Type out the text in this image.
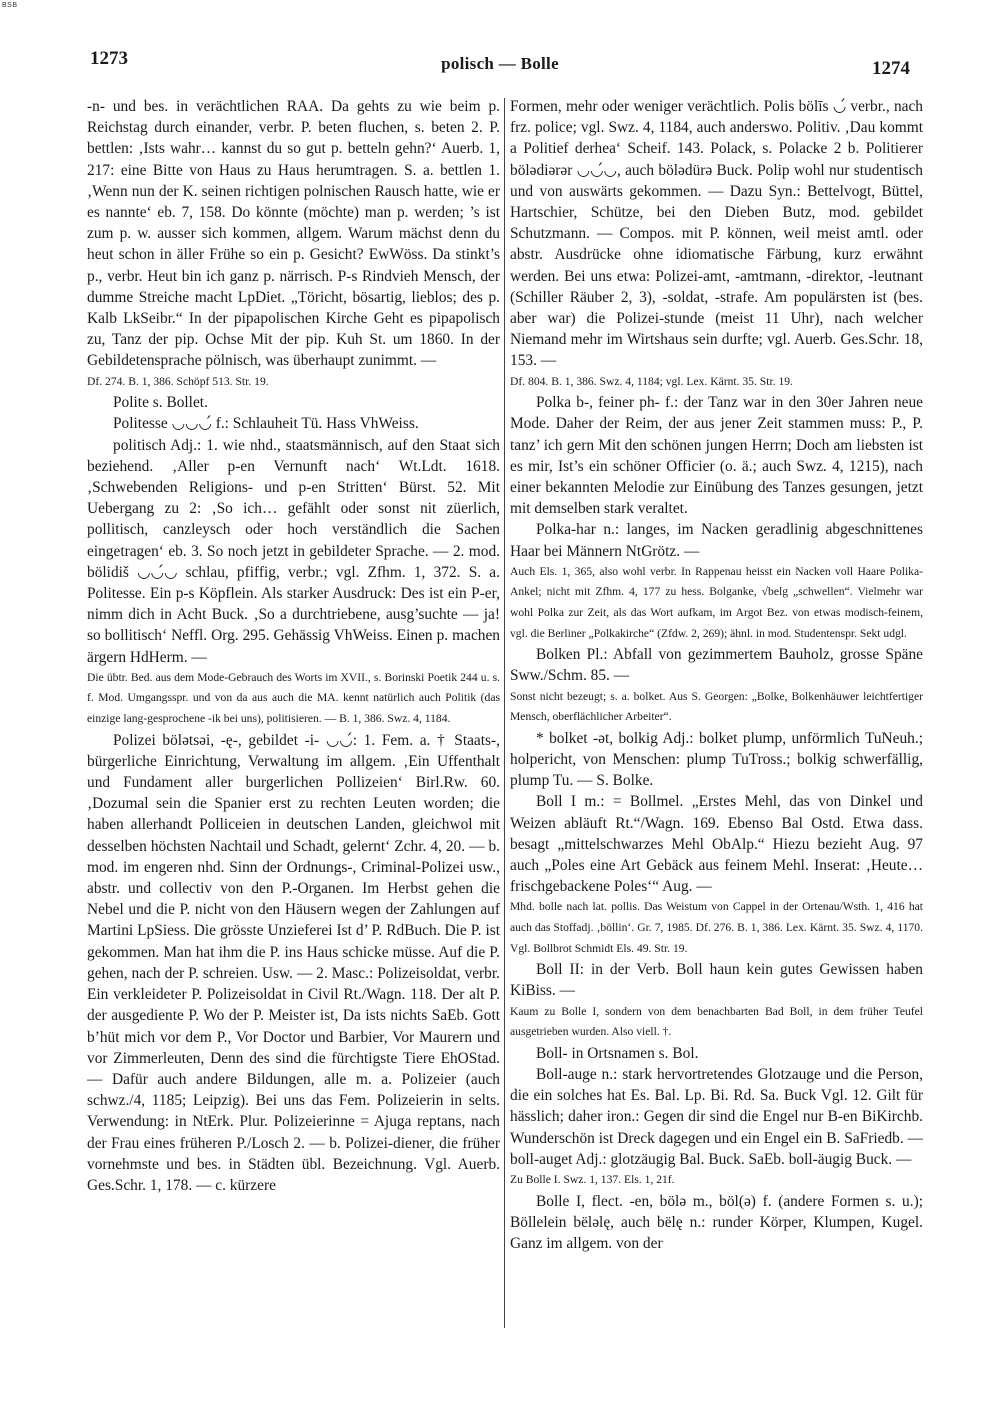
BSB
1273	polisch — Bolle	1274

-n- und bes. in verächtlichen RAA. Da gehts zu wie beim p. Reichstag durch einander, verbr. P. beten fluchen, s. beten 2. P. bettlen: ‚Ists wahr… kannst du so gut p. betteln gehn?‘ Auerb. 1, 217: eine Bitte von Haus zu Haus herumtragen. S. a. bettlen 1. ‚Wenn nun der K. seinen richtigen polnischen Rausch hatte, wie er es nannte‘ eb. 7, 158. Do könnte (möchte) man p. werden; ’s ist zum p. w. ausser sich kommen, allgem. Warum mächst denn du heut schon in äller Frühe so ein p. Gesicht? EwWöss. Da stinkt’s p., verbr. Heut bin ich ganz p. närrisch. P-s Rindvieh Mensch, der dumme Streiche macht LpDiet. „Töricht, bösartig, lieblos; des p. Kalb LkSeibr.“ In der pipapolischen Kirche Geht es pipapolisch zu, Tanz der pip. Ochse Mit der pip. Kuh St. um 1860. In der Gebildetensprache pölnisch, was überhaupt zunimmt. —

Df. 274. B. 1, 386. Schöpf 513. Str. 19.

Polite s. Bollet.

Politesse ◡◡◡́ f.: Schlauheit Tü. Hass VhWeiss.

politisch Adj.: 1. wie nhd., staatsmännisch, auf den Staat sich beziehend. ‚Aller p-en Vernunft nach‘ Wt.Ldt. 1618. ‚Schwebenden Religions- und p-en Stritten‘ Bürst. 52. Mit Uebergang zu 2: ‚So ich… gefählt oder sonst nit züerlich, pollitisch, canzleysch oder hoch verständlich die Sachen eingetragen‘ eb. 3. So noch jetzt in gebildeter Sprache. — 2. mod. bölidiš ◡◡́◡ schlau, pfiffig, verbr.; vgl. Zfhm. 1, 372. S. a. Politesse. Ein p-s Köpflein. Als starker Ausdruck: Des ist ein P-er, nimm dich in Acht Buck. ‚So a durchtriebene, ausg’suchte — ja! so bollitisch‘ Neffl. Org. 295. Gehässig VhWeiss. Einen p. machen ärgern HdHerm. —

Die übtr. Bed. aus dem Mode-Gebrauch des Worts im XVII., s. Borinski Poetik 244 u. s. f. Mod. Umgangsspr. und von da aus auch die MA. kennt natürlich auch Politik (das einzige lang-gesprochene -ik bei uns), politisieren. — B. 1, 386. Swz. 4, 1184.

Polizei bölətsəi, -ę-, gebildet -i- ◡◡́: 1. Fem. a. † Staats-, bürgerliche Einrichtung, Verwaltung im allgem. ‚Ein Uffenthalt und Fundament aller burgerlichen Pollizeien‘ Birl.Rw. 60. ‚Dozumal sein die Spanier erst zu rechten Leuten worden; die haben allerhandt Polliceien in deutschen Landen, gleichwol mit desselben höchsten Nachtail und Schadt, gelernt‘ Zchr. 4, 20. — b. mod. im engeren nhd. Sinn der Ordnungs-, Criminal-Polizei usw., abstr. und collectiv von den P.-Organen. Im Herbst gehen die Nebel und die P. nicht von den Häusern wegen der Zahlungen auf Martini LpSiess. Die grösste Unzieferei Ist d’ P. RdBuch. Die P. ist gekommen. Man hat ihm die P. ins Haus schicke müsse. Auf die P. gehen, nach der P. schreien. Usw. — 2. Masc.: Polizeisoldat, verbr. Ein verkleideter P. Polizeisoldat in Civil Rt./Wagn. 118. Der alt P. der ausgediente P. Wo der P. Meister ist, Da ists nichts SaEb. Gott b’hüt mich vor dem P., Vor Doctor und Barbier, Vor Maurern und vor Zimmerleuten, Denn des sind die fürchtigste Tiere EhOStad. — Dafür auch andere Bildungen, alle m. a. Polizeier (auch schwz./4, 1185; Leipzig). Bei uns das Fem. Polizeierin in selts. Verwendung: in NtErk. Plur. Polizeierinne = Ajuga reptans, nach der Frau eines früheren P./Losch 2. — b. Polizei-diener, die früher vornehmste und bes. in Städten übl. Bezeichnung. Vgl. Auerb. Ges.Schr. 1, 178. — c. kürzere

Formen, mehr oder weniger verächtlich. Polis bölīs ◡́ verbr., nach frz. police; vgl. Swz. 4, 1184, auch anderswo. Politiv. ‚Dau kommt a Politief derhea‘ Scheif. 143. Polack, s. Polacke 2 b. Politierer bölədiərər ◡◡́◡, auch bölədürə Buck. Polip wohl nur studentisch und von auswärts gekommen. — Dazu Syn.: Bettelvogt, Büttel, Hartschier, Schütze, bei den Dieben Butz, mod. gebildet Schutzmann. — Compos. mit P. können, weil meist amtl. oder abstr. Ausdrücke ohne idiomatische Färbung, kurz erwähnt werden. Bei uns etwa: Polizei-amt, -amtmann, -direktor, -leutnant (Schiller Räuber 2, 3), -soldat, -strafe. Am populärsten ist (bes. aber war) die Polizei-stunde (meist 11 Uhr), nach welcher Niemand mehr im Wirtshaus sein durfte; vgl. Auerb. Ges.Schr. 18, 153. —

Df. 804. B. 1, 386. Swz. 4, 1184; vgl. Lex. Kärnt. 35. Str. 19.

Polka b-, feiner ph- f.: der Tanz war in den 30er Jahren neue Mode. Daher der Reim, der aus jener Zeit stammen muss: P., P. tanz’ ich gern Mit den schönen jungen Herrn; Doch am liebsten ist es mir, Ist’s ein schöner Officier (o. ä.; auch Swz. 4, 1215), nach einer bekannten Melodie zur Einübung des Tanzes gesungen, jetzt mit demselben stark veraltet.

Polka-har n.: langes, im Nacken geradlinig abgeschnittenes Haar bei Männern NtGrötz. —

Auch Els. 1, 365, also wohl verbr. In Rappenau heisst ein Nacken voll Haare Polika-Ankel; nicht mit Zfhm. 4, 177 zu hess. Bolganke, √belg „schwellen“. Vielmehr war wohl Polka zur Zeit, als das Wort aufkam, im Argot Bez. von etwas modisch-feinem, vgl. die Berliner „Polkakirche“ (Zfdw. 2, 269); ähnl. in mod. Studentenspr. Sekt udgl.

Bolken Pl.: Abfall von gezimmertem Bauholz, grosse Späne Sww./Schm. 85. —

Sonst nicht bezeugt; s. a. bolket. Aus S. Georgen: „Bolke, Bolkenhäuwer leichtfertiger Mensch, oberflächlicher Arbeiter“.

* bolket -ət, bolkig Adj.: bolket plump, unförmlich TuNeuh.; holpericht, von Menschen: plump TuTross.; bolkig schwerfällig, plump Tu. — S. Bolke.

Boll I m.: = Bollmel. „Erstes Mehl, das von Dinkel und Weizen abläuft Rt.“/Wagn. 169. Ebenso Bal Ostd. Etwa dass. besagt „mittelschwarzes Mehl ObAlp.“ Hiezu bezieht Aug. 97 auch „Poles eine Art Gebäck aus feinem Mehl. Inserat: ‚Heute… frischgebackene Poles‘“ Aug. —

Mhd. bolle nach lat. pollis. Das Weistum von Cappel in der Ortenau/Wsth. 1, 416 hat auch das Stoffadj. ‚böllin‘. Gr. 7, 1985. Df. 276. B. 1, 386. Lex. Kärnt. 35. Swz. 4, 1170. Vgl. Bollbrot Schmidt Els. 49. Str. 19.

Boll II: in der Verb. Boll haun kein gutes Gewissen haben KiBiss. —

Kaum zu Bolle I, sondern von dem benachbarten Bad Boll, in dem früher Teufel ausgetrieben wurden. Also viell. †.

Boll- in Ortsnamen s. Bol.

Boll-auge n.: stark hervortretendes Glotzauge und die Person, die ein solches hat Es. Bal. Lp. Bi. Rd. Sa. Buck Vgl. 12. Gilt für hässlich; daher iron.: Gegen dir sind die Engel nur B-en BiKirchb. Wunderschön ist Dreck dagegen und ein Engel ein B. SaFriedb. — boll-auget Adj.: glotzäugig Bal. Buck. SaEb. boll-äugig Buck. —

Zu Bolle I. Swz. 1, 137. Els. 1, 21f.

Bolle I, flect. -en, bölə m., böl(ə) f. (andere Formen s. u.); Böllelein bëləlę, auch bëlę n.: runder Körper, Klumpen, Kugel. Ganz im allgem. von der
